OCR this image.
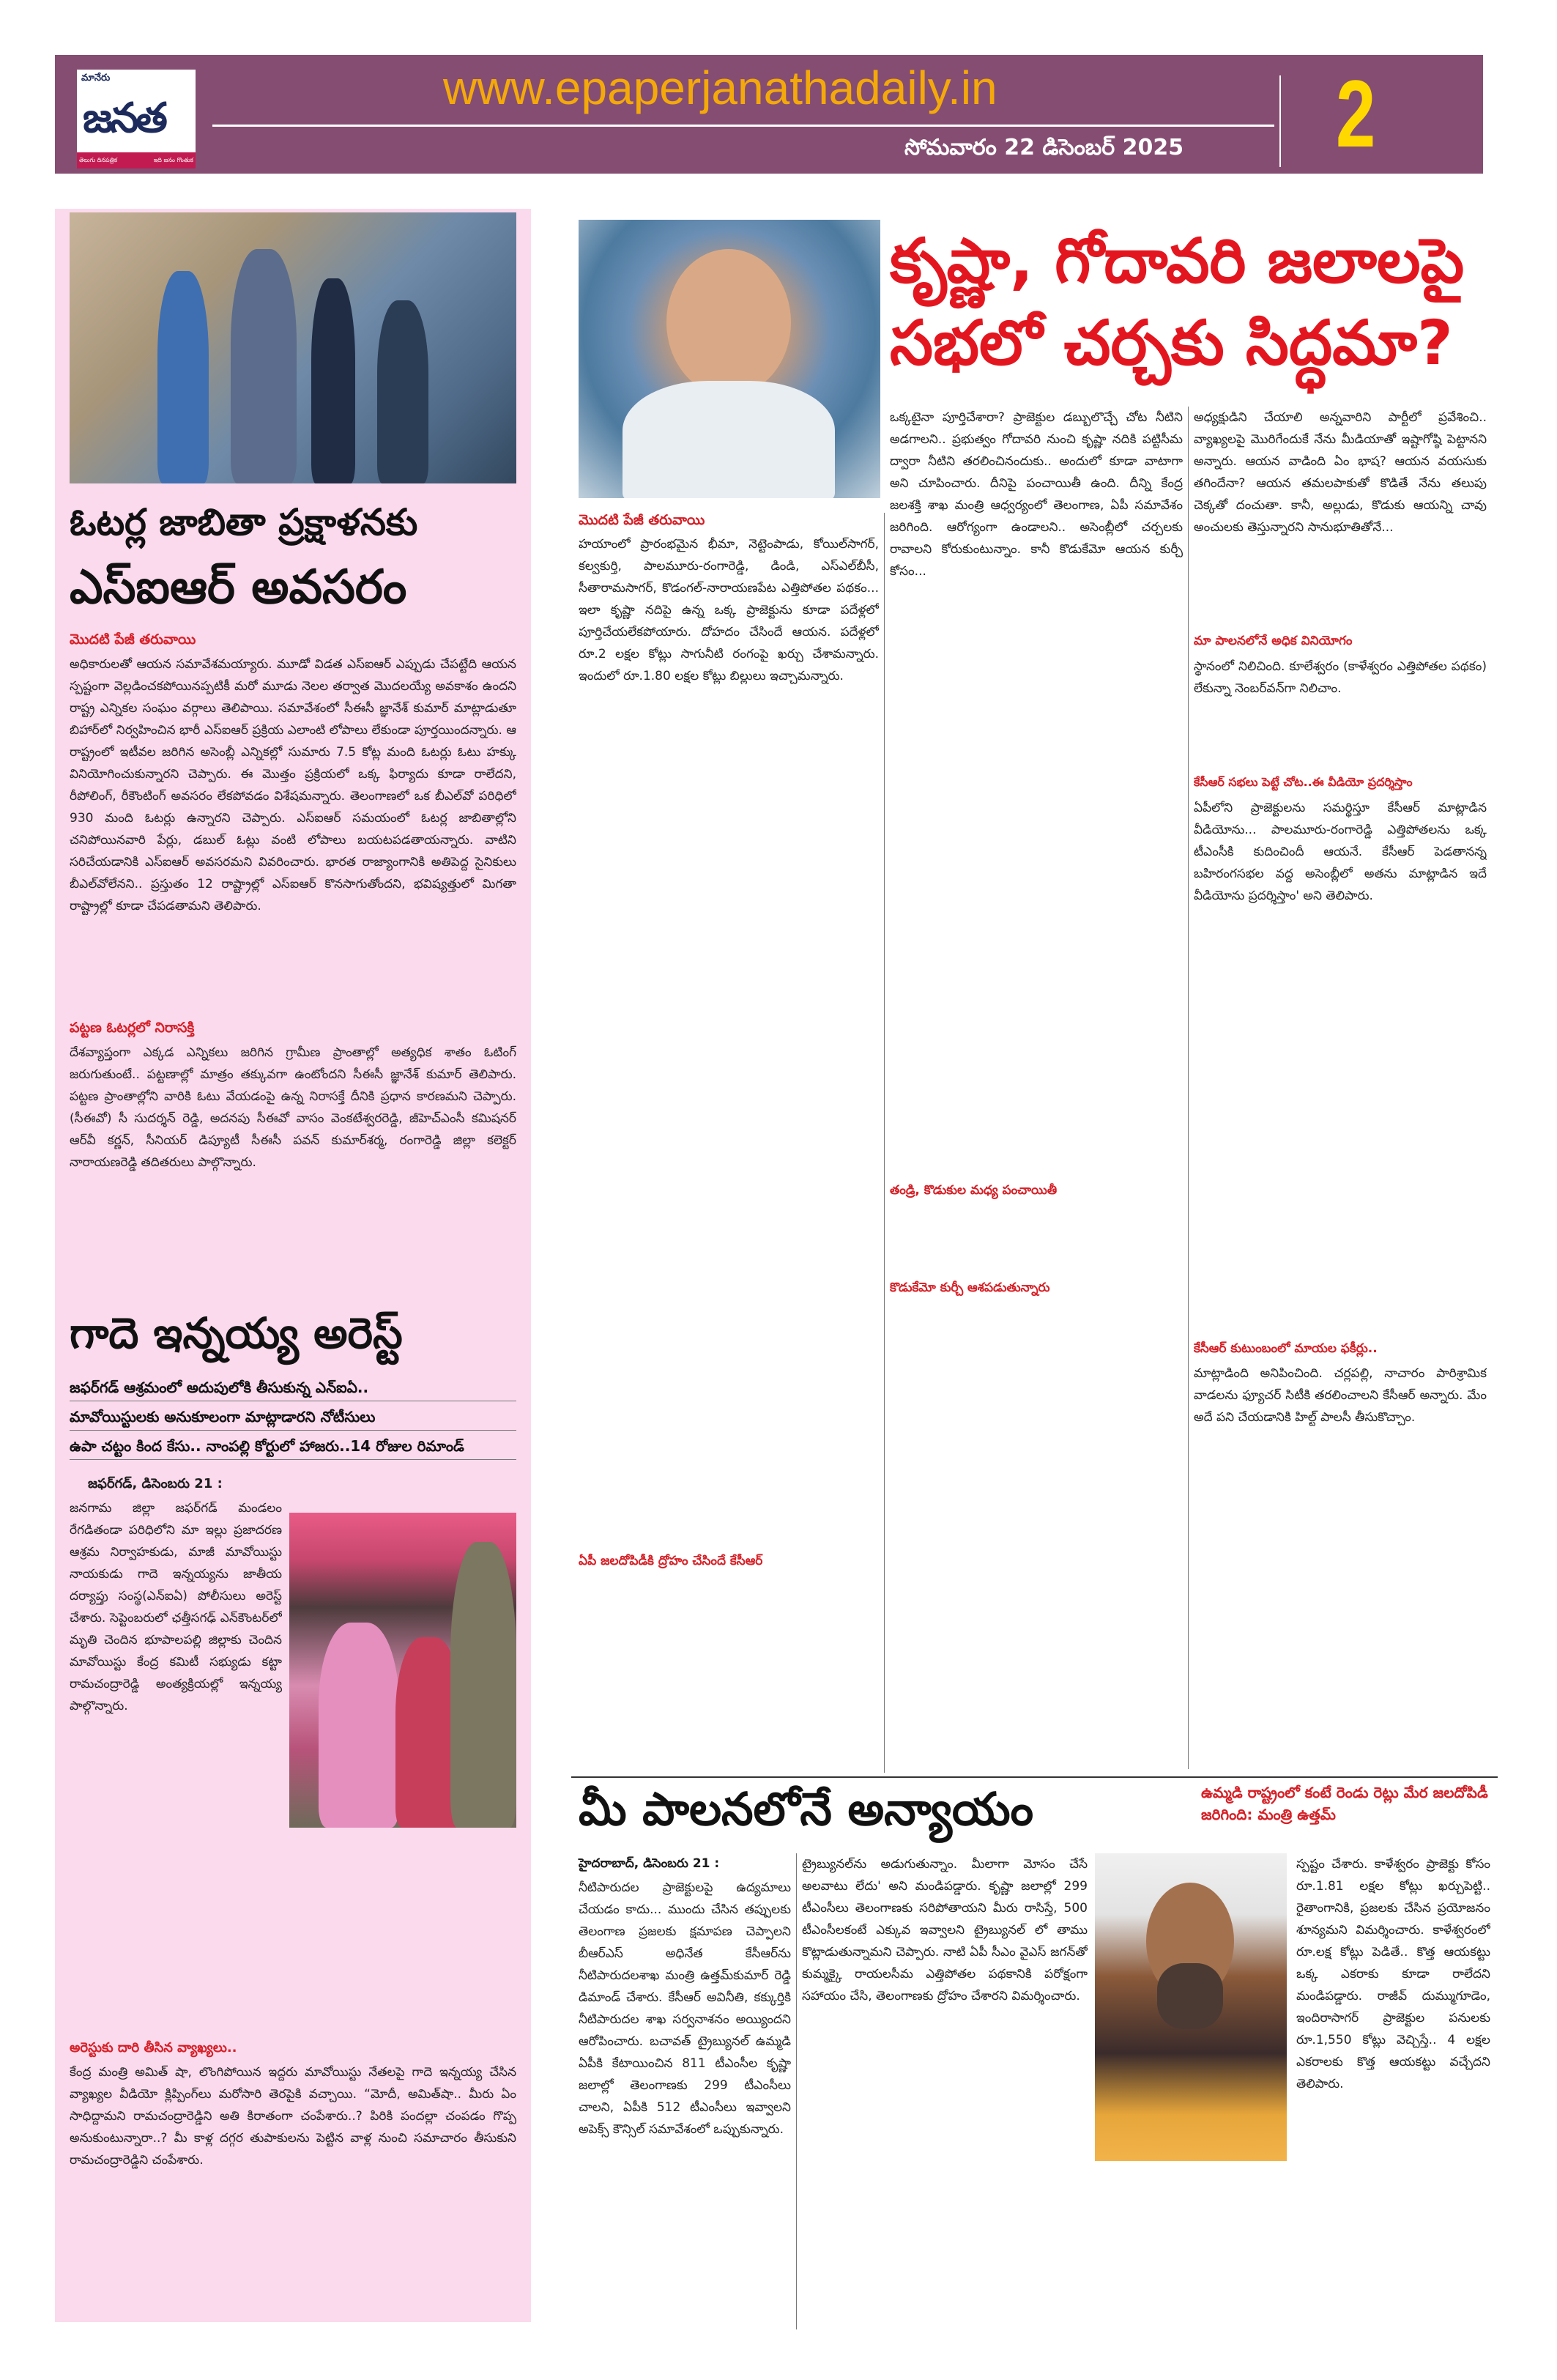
మానేరు
జనత
తెలుగు దినపత్రిక	ఇది జనం గొంతుక
www.epaperjanathadaily.in
సోమవారం 22 డిసెంబర్ 2025 2
ఓటర్ల జాబితా ప్రక్షాళనకు
ఎస్ఐఆర్ అవసరం
మొదటి పేజీ తరువాయి
అధికారులతో ఆయన సమావేశమయ్యారు. మూడో విడత ఎస్ఐఆర్ ఎప్పుడు చేపట్టేది ఆయన స్పష్టంగా వెల్లడించకపోయినప్పటికీ మరో మూడు నెలల తర్వాత మొదలయ్యే అవకాశం ఉందని రాష్ట్ర ఎన్నికల సంఘం వర్గాలు తెలిపాయి. సమావేశంలో సీఈసీ జ్ఞానేశ్ కుమార్ మాట్లాడుతూ బిహార్‌లో నిర్వహించిన భారీ ఎస్ఐఆర్ ప్రక్రియ ఎలాంటి లోపాలు లేకుండా పూర్తయిందన్నారు. ఆ రాష్ట్రంలో ఇటీవల జరిగిన అసెంబ్లీ ఎన్నికల్లో సుమారు 7.5 కోట్ల మంది ఓటర్లు ఓటు హక్కు వినియోగించుకున్నారని చెప్పారు. ఈ మొత్తం ప్రక్రియలో ఒక్క ఫిర్యాదు కూడా రాలేదని, రీపోలింగ్, రీకౌంటింగ్ అవసరం లేకపోవడం విశేషమన్నారు. తెలంగాణలో ఒక బీఎల్‌వో పరిధిలో 930 మంది ఓటర్లు ఉన్నారని చెప్పారు. ఎస్ఐఆర్ సమయంలో ఓటర్ల జాబితాల్లోని చనిపోయినవారి పేర్లు, డబుల్ ఓట్లు వంటి లోపాలు బయటపడతాయన్నారు. వాటిని సరిచేయడానికి ఎస్ఐఆర్ అవసరమని వివరించారు. భారత రాజ్యాంగానికి అతిపెద్ద సైనికులు బీఎల్‌వోలేనని.. ప్రస్తుతం 12 రాష్ట్రాల్లో ఎస్ఐఆర్ కొనసాగుతోందని, భవిష్యత్తులో మిగతా రాష్ట్రాల్లో కూడా చేపడతామని తెలిపారు.
పట్టణ ఓటర్లలో నిరాసక్తి
దేశవ్యాప్తంగా ఎక్కడ ఎన్నికలు జరిగిన గ్రామీణ ప్రాంతాల్లో అత్యధిక శాతం ఓటింగ్ జరుగుతుంటే.. పట్టణాల్లో మాత్రం తక్కువగా ఉంటోందని సీఈసీ జ్ఞానేశ్ కుమార్ తెలిపారు. పట్టణ ప్రాంతాల్లోని వారికి ఓటు వేయడంపై ఉన్న నిరాసక్తే దీనికి ప్రధాన కారణమని చెప్పారు. (సీఈవో) సీ సుదర్శన్ రెడ్డి, అదనపు సీఈవో వాసం వెంకటేశ్వరరెడ్డి, జీహెచ్ఎంసీ కమిషనర్ ఆర్‌వీ కర్ణన్, సీనియర్ డిప్యూటీ సీఈసీ పవన్ కుమార్‌శర్మ, రంగారెడ్డి జిల్లా కలెక్టర్ నారాయణరెడ్డి తదితరులు పాల్గొన్నారు.
గాదె ఇన్నయ్య అరెస్ట్
జఫర్‌గడ్ ఆశ్రమంలో అదుపులోకి తీసుకున్న ఎన్ఐఏ..
మావోయిస్టులకు అనుకూలంగా మాట్లాడారని నోటీసులు
ఉపా చట్టం కింద కేసు.. నాంపల్లి కోర్టులో హాజరు..14 రోజుల రిమాండ్
జఫర్‌గడ్, డిసెంబరు 21 :
జనగామ జిల్లా జఫర్‌గడ్ మండలం రేగడితండా పరిధిలోని మా ఇల్లు ప్రజాదరణ ఆశ్రమ నిర్వాహకుడు, మాజీ మావోయిస్టు నాయకుడు గాదె ఇన్నయ్యను జాతీయ దర్యాప్తు సంస్థ(ఎన్ఐఏ) పోలీసులు అరెస్ట్ చేశారు. సెప్టెంబరులో ఛత్తీసగఢ్ ఎన్‌కౌంటర్‌లో మృతి చెందిన భూపాలపల్లి జిల్లాకు చెందిన మావోయిస్టు కేంద్ర కమిటీ సభ్యుడు కట్టా రామచంద్రారెడ్డి అంత్యక్రియల్లో ఇన్నయ్య పాల్గొన్నారు.
అరెస్టుకు దారి తీసిన వ్యాఖ్యలు..
కేంద్ర మంత్రి అమిత్ షా, లొంగిపోయిన ఇద్దరు మావోయిస్టు నేతలపై గాదె ఇన్నయ్య చేసిన వ్యాఖ్యల వీడియో క్లిప్పింగ్‌లు మరోసారి తెరపైకి వచ్చాయి. “మోదీ, అమిత్‌షా.. మీరు ఏం సాధిద్దామని రామచంద్రారెడ్డిని అతి కిరాతంగా చంపేశారు..? పిరికి పందల్లా చంపడం గొప్ప అనుకుంటున్నారా..? మీ కాళ్ల దగ్గర తుపాకులను పెట్టిన వాళ్ల నుంచి సమాచారం తీసుకుని రామచంద్రారెడ్డిని చంపేశారు.
కృష్ణా, గోదావరి జలాలపై
సభలో చర్చకు సిద్ధమా?
మొదటి పేజీ తరువాయి
హయాంలో ప్రారంభమైన భీమా, నెట్టెంపాడు, కోయిల్‌సాగర్, కల్వకుర్తి, పాలమూరు-రంగారెడ్డి, డిండి, ఎస్ఎల్‌బీసీ, సీతారామసాగర్, కొడంగల్-నారాయణపేట ఎత్తిపోతల పథకం... ఇలా కృష్ణా నదిపై ఉన్న ఒక్క ప్రాజెక్టును కూడా పదేళ్లలో పూర్తిచేయలేకపోయారు. దోహదం చేసిందే ఆయన. పదేళ్లలో రూ.2 లక్షల కోట్లు సాగునీటి రంగంపై ఖర్చు చేశామన్నారు. ఇందులో రూ.1.80 లక్షల కోట్లు బిల్లులు ఇచ్చామన్నారు.
ఏపీ జలదోపిడీకి ద్రోహం చేసిందే కేసీఆర్
ఒక్కటైనా పూర్తిచేశారా? ప్రాజెక్టుల డబ్బులొచ్చే చోట నీటిని అడగాలని.. ప్రభుత్వం గోదావరి నుంచి కృష్ణా నదికి పట్టిసీమ ద్వారా నీటిని తరలించినందుకు.. అందులో కూడా వాటాగా అని చూపించారు. దీనిపై పంచాయితీ ఉంది. దీన్ని కేంద్ర జలశక్తి శాఖ మంత్రి ఆధ్వర్యంలో తెలంగాణ, ఏపీ సమావేశం జరిగింది. ఆరోగ్యంగా ఉండాలని.. అసెంబ్లీలో చర్చలకు రావాలని కోరుకుంటున్నాం. కానీ కొడుకేమో ఆయన కుర్చీ కోసం...
తండ్రి, కొడుకుల మధ్య పంచాయితీ
కొడుకేమో కుర్చీ ఆశపడుతున్నారు
అధ్యక్షుడిని చేయాలి అన్నవారిని పార్టీలో ప్రవేశించి.. వ్యాఖ్యలపై మొరిగేందుకే నేను మీడియాతో ఇష్టాగోష్ఠి పెట్టానని అన్నారు. ఆయన వాడింది ఏం భాష? ఆయన వయసుకు తగిందేనా? ఆయన తమలపాకుతో కొడితే నేను తలుపు చెక్కతో దంచుతా. కానీ, అల్లుడు, కొడుకు ఆయన్ని చావు అంచులకు తెస్తున్నారని సానుభూతితోనే...
మా పాలనలోనే అధిక వినియోగం
స్థానంలో నిలిచింది. కూలేశ్వరం (కాళేశ్వరం ఎత్తిపోతల పథకం) లేకున్నా నెంబర్‌వన్‌గా నిలిచాం.
కేసీఆర్ సభలు పెట్టే చోట..ఈ వీడియో ప్రదర్శిస్తాం
ఏపీలోని ప్రాజెక్టులను సమర్థిస్తూ కేసీఆర్ మాట్లాడిన వీడియోను... పాలమూరు-రంగారెడ్డి ఎత్తిపోతలను ఒక్క టీఎంసీకి కుదించిందీ ఆయనే. కేసీఆర్ పెడతానన్న బహిరంగసభల వద్ద అసెంబ్లీలో అతను మాట్లాడిన ఇదే వీడియోను ప్రదర్శిస్తాం' అని తెలిపారు.
కేసీఆర్ కుటుంబంలో మాయల ఫకీర్లు..
మాట్లాడింది అనిపించింది. చర్లపల్లి, నాచారం పారిశ్రామిక వాడలను ఫ్యూచర్ సిటీకి తరలించాలని కేసీఆర్ అన్నారు. మేం అదే పని చేయడానికి హిల్ట్ పాలసీ తీసుకొచ్చాం.
మీ పాలనలోనే అన్యాయం	ఉమ్మడి రాష్ట్రంలో కంటే రెండు రెట్లు మేర జలదోపిడీ జరిగింది: మంత్రి ఉత్తమ్
హైదరాబాద్, డిసెంబరు 21 :
నీటిపారుదల ప్రాజెక్టులపై ఉద్యమాలు చేయడం కాదు... ముందు చేసిన తప్పులకు తెలంగాణ ప్రజలకు క్షమాపణ చెప్పాలని బీఆర్ఎస్ అధినేత కేసీఆర్‌ను నీటిపారుదలశాఖ మంత్రి ఉత్తమ్‌కుమార్ రెడ్డి డిమాండ్ చేశారు. కేసీఆర్ అవినీతి, కక్కుర్తికి నీటిపారుదల శాఖ సర్వనాశనం అయ్యిందని ఆరోపించారు. బచావత్ ట్రైబ్యునల్ ఉమ్మడి ఏపీకి కేటాయించిన 811 టీఎంసీల కృష్ణా జలాల్లో తెలంగాణకు 299 టీఎంసీలు చాలని, ఏపీకి 512 టీఎంసీలు ఇవ్వాలని అపెక్స్ కౌన్సిల్ సమావేశంలో ఒప్పుకున్నారు.
ట్రైబ్యునల్‌ను అడుగుతున్నాం. మీలాగా మోసం చేసే అలవాటు లేదు' అని మండిపడ్డారు. కృష్ణా జలాల్లో 299 టీఎంసీలు తెలంగాణకు సరిపోతాయని మీరు రాసిస్తే, 500 టీఎంసీలకంటే ఎక్కువ ఇవ్వాలని ట్రైబ్యునల్ లో తాము కొట్లాడుతున్నామని చెప్పారు. నాటి ఏపీ సీఎం వైఎస్ జగన్‌తో కుమ్మక్కై రాయలసీమ ఎత్తిపోతల పథకానికి పరోక్షంగా సహాయం చేసి, తెలంగాణకు ద్రోహం చేశారని విమర్శించారు.
స్పష్టం చేశారు. కాళేశ్వరం ప్రాజెక్టు కోసం రూ.1.81 లక్షల కోట్లు ఖర్చుపెట్టి.. రైతాంగానికి, ప్రజలకు చేసిన ప్రయోజనం శూన్యమని విమర్శించారు. కాళేశ్వరంలో రూ.లక్ష కోట్లు పెడితే.. కొత్త ఆయకట్టు ఒక్క ఎకరాకు కూడా రాలేదని మండిపడ్డారు. రాజీవ్ దుమ్ముగూడెం, ఇందిరాసాగర్ ప్రాజెక్టుల పనులకు రూ.1,550 కోట్లు వెచ్చిస్తే.. 4 లక్షల ఎకరాలకు కొత్త ఆయకట్టు వచ్చేదని తెలిపారు.
